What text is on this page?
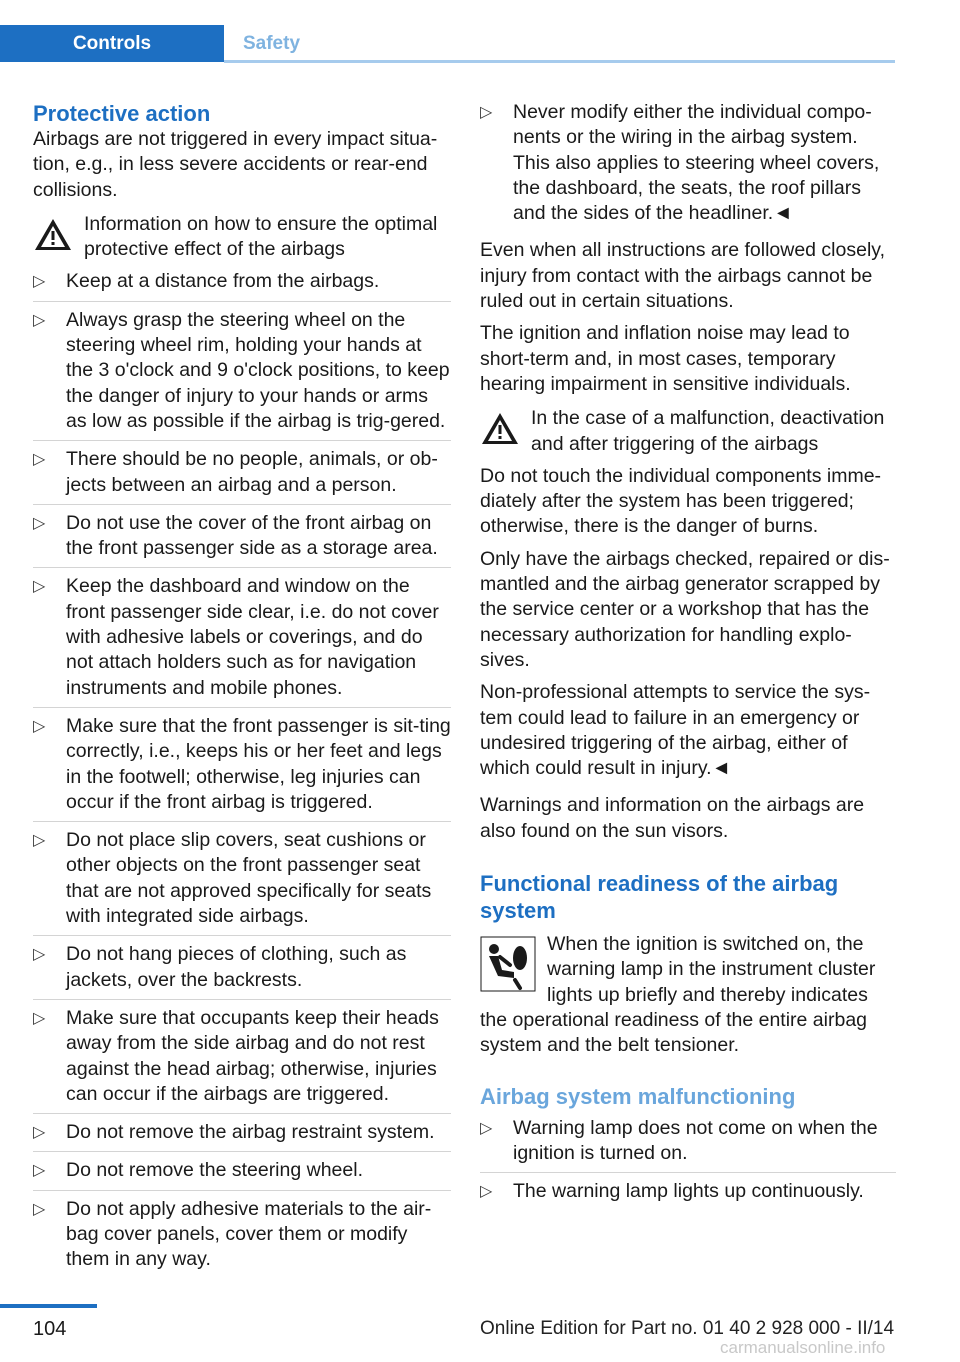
Controls	Safety
Protective action

Airbags are not triggered in every impact situa-tion, e.g., in less severe accidents or rear-end collisions.

Information on how to ensure the optimal protective effect of the airbags
▷ Keep at a distance from the airbags.
▷ Always grasp the steering wheel on the steering wheel rim, holding your hands at the 3 o'clock and 9 o'clock positions, to keep the danger of injury to your hands or arms as low as possible if the airbag is trig-gered.
▷ There should be no people, animals, or ob-jects between an airbag and a person.
▷ Do not use the cover of the front airbag on the front passenger side as a storage area.
▷ Keep the dashboard and window on the front passenger side clear, i.e. do not cover with adhesive labels or coverings, and do not attach holders such as for navigation instruments and mobile phones.
▷ Make sure that the front passenger is sit-ting correctly, i.e., keeps his or her feet and legs in the footwell; otherwise, leg injuries can occur if the front airbag is triggered.
▷ Do not place slip covers, seat cushions or other objects on the front passenger seat that are not approved specifically for seats with integrated side airbags.
▷ Do not hang pieces of clothing, such as jackets, over the backrests.
▷ Make sure that occupants keep their heads away from the side airbag and do not rest against the head airbag; otherwise, injuries can occur if the airbags are triggered.
▷ Do not remove the airbag restraint system.
▷ Do not remove the steering wheel.
▷ Do not apply adhesive materials to the air-bag cover panels, cover them or modify them in any way.
▷ Never modify either the individual compo-nents or the wiring in the airbag system. This also applies to steering wheel covers, the dashboard, the seats, the roof pillars and the sides of the headliner.◄

Even when all instructions are followed closely, injury from contact with the airbags cannot be ruled out in certain situations.

The ignition and inflation noise may lead to short-term and, in most cases, temporary hearing impairment in sensitive individuals.

In the case of a malfunction, deactivation and after triggering of the airbags

Do not touch the individual components imme-diately after the system has been triggered; otherwise, there is the danger of burns.

Only have the airbags checked, repaired or dis-mantled and the airbag generator scrapped by the service center or a workshop that has the necessary authorization for handling explo-sives.

Non-professional attempts to service the sys-tem could lead to failure in an emergency or undesired triggering of the airbag, either of which could result in injury.◄

Warnings and information on the airbags are also found on the sun visors.

Functional readiness of the airbag system
When the ignition is switched on, the warning lamp in the instrument cluster lights up briefly and thereby indicates
the operational readiness of the entire airbag system and the belt tensioner.
Airbag system malfunctioning
▷ Warning lamp does not come on when the ignition is turned on.
▷ The warning lamp lights up continuously.
104	Online Edition for Part no. 01 40 2 928 000 - II/14
carmanualsonline.info
